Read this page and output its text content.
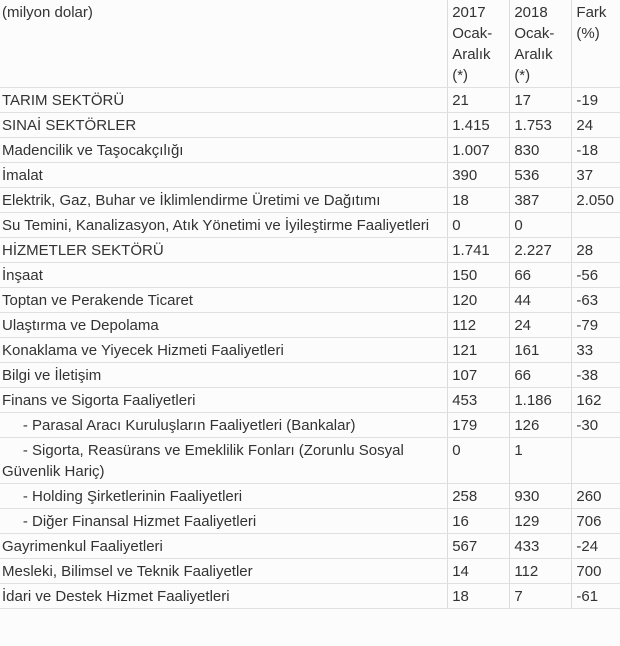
(milyon dolar)	2017 Ocak-Aralık (*)	2018 Ocak-Aralık (*)	Fark (%)
TARIM SEKTÖRÜ	21	17	-19
SINAİ SEKTÖRLER	1.415	1.753	24
Madencilik ve Taşocakçılığı	1.007	830	-18
İmalat	390	536	37
Elektrik, Gaz, Buhar ve İklimlendirme Üretimi ve Dağıtımı	18	387	2.050
Su Temini, Kanalizasyon, Atık Yönetimi ve İyileştirme Faaliyetleri	0	0	
HİZMETLER SEKTÖRÜ	1.741	2.227	28
İnşaat	150	66	-56
Toptan ve Perakende Ticaret	120	44	-63
Ulaştırma ve Depolama	112	24	-79
Konaklama ve Yiyecek Hizmeti Faaliyetleri	121	161	33
Bilgi ve İletişim	107	66	-38
Finans ve Sigorta Faaliyetleri	453	1.186	162
- Parasal Aracı Kuruluşların Faaliyetleri (Bankalar)	179	126	-30
- Sigorta, Reasürans ve Emeklilik Fonları (Zorunlu Sosyal Güvenlik Hariç)	0	1	
- Holding Şirketlerinin Faaliyetleri	258	930	260
- Diğer Finansal Hizmet Faaliyetleri	16	129	706
Gayrimenkul Faaliyetleri	567	433	-24
Mesleki, Bilimsel ve Teknik Faaliyetler	14	112	700
İdari ve Destek Hizmet Faaliyetleri	18	7	-61
